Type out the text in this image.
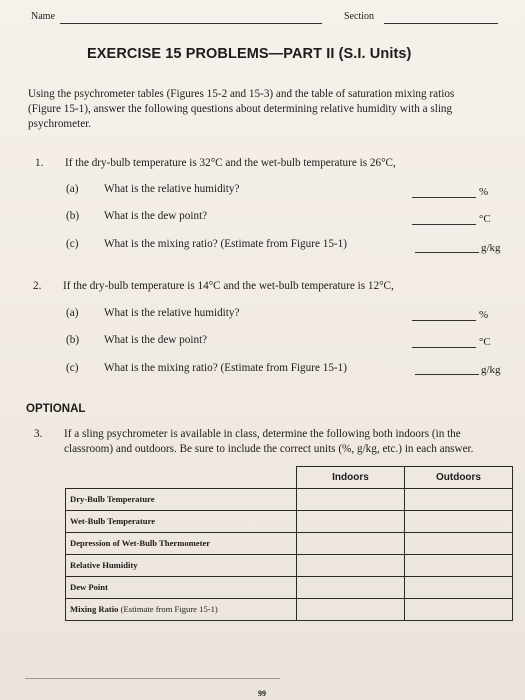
Name	Section
EXERCISE 15 PROBLEMS—PART II (S.I. Units)
Using the psychrometer tables (Figures 15-2 and 15-3) and the table of saturation mixing ratios (Figure 15-1), answer the following questions about determining relative humidity with a sling psychrometer.
1. If the dry-bulb temperature is 32°C and the wet-bulb temperature is 26°C,
(a) What is the relative humidity?	%
(b) What is the dew point?	°C
(c) What is the mixing ratio? (Estimate from Figure 15-1)	g/kg
2. If the dry-bulb temperature is 14°C and the wet-bulb temperature is 12°C,
(a) What is the relative humidity?	%
(b) What is the dew point?	°C
(c) What is the mixing ratio? (Estimate from Figure 15-1)	g/kg
OPTIONAL
3. If a sling psychrometer is available in class, determine the following both indoors (in the
classroom) and outdoors. Be sure to include the correct units (%, g/kg, etc.) in each answer.
	Indoors	Outdoors
Dry-Bulb Temperature		
Wet-Bulb Temperature		
Depression of Wet-Bulb Thermometer		
Relative Humidity		
Dew Point		
Mixing Ratio (Estimate from Figure 15-1)		
99
